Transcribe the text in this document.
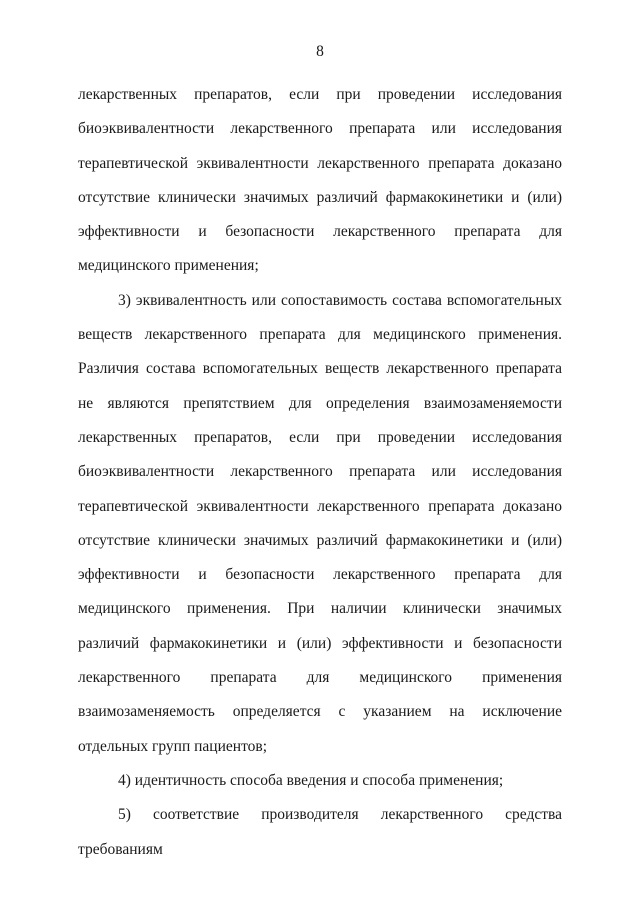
8

лекарственных препаратов, если при проведении исследования биоэквивалентности лекарственного препарата или исследования терапевтической эквивалентности лекарственного препарата доказано отсутствие клинически значимых различий фармакокинетики и (или) эффективности и безопасности лекарственного препарата для медицинского применения;

3) эквивалентность или сопоставимость состава вспомогательных веществ лекарственного препарата для медицинского применения. Различия состава вспомогательных веществ лекарственного препарата не являются препятствием для определения взаимозаменяемости лекарственных препаратов, если при проведении исследования биоэквивалентности лекарственного препарата или исследования терапевтической эквивалентности лекарственного препарата доказано отсутствие клинически значимых различий фармакокинетики и (или) эффективности и безопасности лекарственного препарата для медицинского применения. При наличии клинически значимых различий фармакокинетики и (или) эффективности и безопасности лекарственного препарата для медицинского применения взаимозаменяемость определяется с указанием на исключение отдельных групп пациентов;

4) идентичность способа введения и способа применения;

5) соответствие производителя лекарственного средства требованиям
